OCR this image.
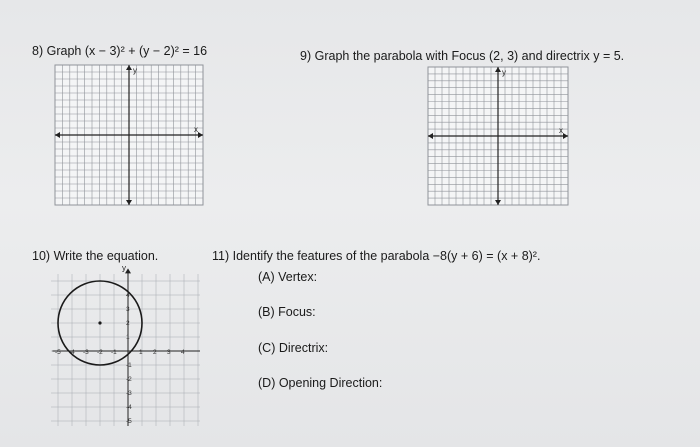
8) Graph (x − 3)² + (y − 2)² = 16	9) Graph the parabola with Focus (2, 3) and directrix y = 5.
y
x
y
x
10) Write the equation.	11) Identify the features of the parabola −8(y + 6) = (x + 8)².
y
-5 -4 -3 -2 -1	1 2 3 4
4
3
2
1
-1
-2
-3
-4
-5
(A) Vertex:
(B) Focus:
(C) Directrix:
(D) Opening Direction:
